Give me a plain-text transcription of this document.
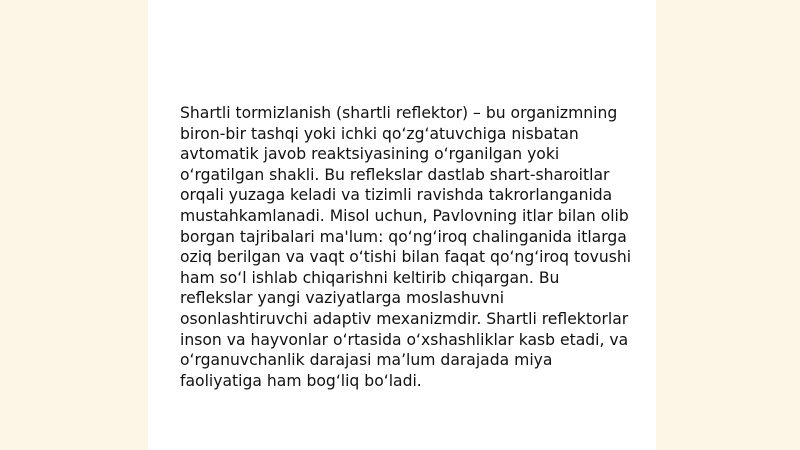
Shartli tormizlanish (shartli reflektor) – bu organizmning biron-bir tashqi yoki ichki qo‘zg‘atuvchiga nisbatan avtomatik javob reaktsiyasining o‘rganilgan yoki o‘rgatilgan shakli. Bu reflekslar dastlab shart-sharoitlar orqali yuzaga keladi va tizimli ravishda takrorlanganida mustahkamlanadi. Misol uchun, Pavlovning itlar bilan olib borgan tajribalari ma'lum: qo‘ng‘iroq chalinganida itlarga oziq berilgan va vaqt o‘tishi bilan faqat qo‘ng‘iroq tovushi ham so‘l ishlab chiqarishni keltirib chiqargan. Bu reflekslar yangi vaziyatlarga moslashuvni osonlashtiruvchi adaptiv mexanizmdir. Shartli reflektorlar inson va hayvonlar o‘rtasida o‘xshashliklar kasb etadi, va o‘rganuvchanlik darajasi ma’lum darajada miya faoliyatiga ham bog‘liq bo‘ladi.
